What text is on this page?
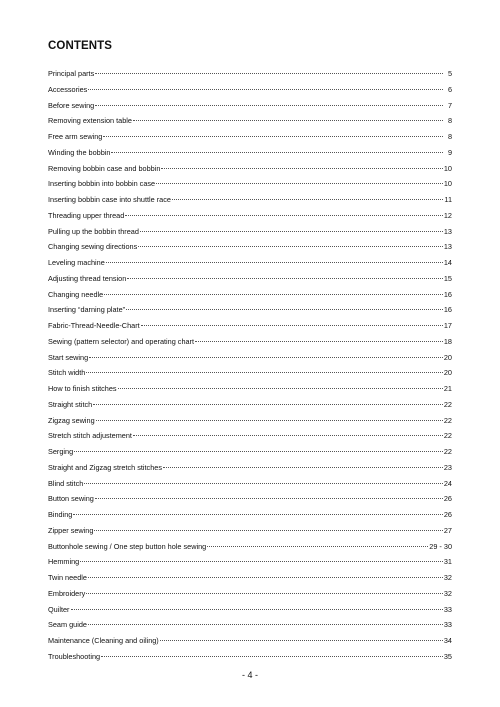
CONTENTS
Principal parts	5
Accessories	6
Before sewing	7
Removing extension table	8
Free arm sewing	8
Winding the bobbin	9
Removing bobbin case and bobbin	10
Inserting bobbin into bobbin case	10
Inserting bobbin case into shuttle race	11
Threading upper thread	12
Pulling up the bobbin thread	13
Changing sewing directions	13
Leveling machine	14
Adjusting thread tension	15
Changing needle	16
Inserting “darning plate”	16
Fabric-Thread-Needle-Chart	17
Sewing (pattern selector) and operating chart	18
Start sewing	20
Stitch width	20
How to finish stitches	21
Straight stitch	22
Zigzag sewing	22
Stretch stitch adjustement	22
Serging	22
Straight and Zigzag stretch stitches	23
Blind stitch	24
Button sewing	26
Binding	26
Zipper sewing	27
Buttonhole sewing / One step button hole sewing	29 - 30
Hemming	31
Twin needle	32
Embroidery	32
Quilter	33
Seam guide	33
Maintenance (Cleaning and oiling)	34
Troubleshooting	35
- 4 -
